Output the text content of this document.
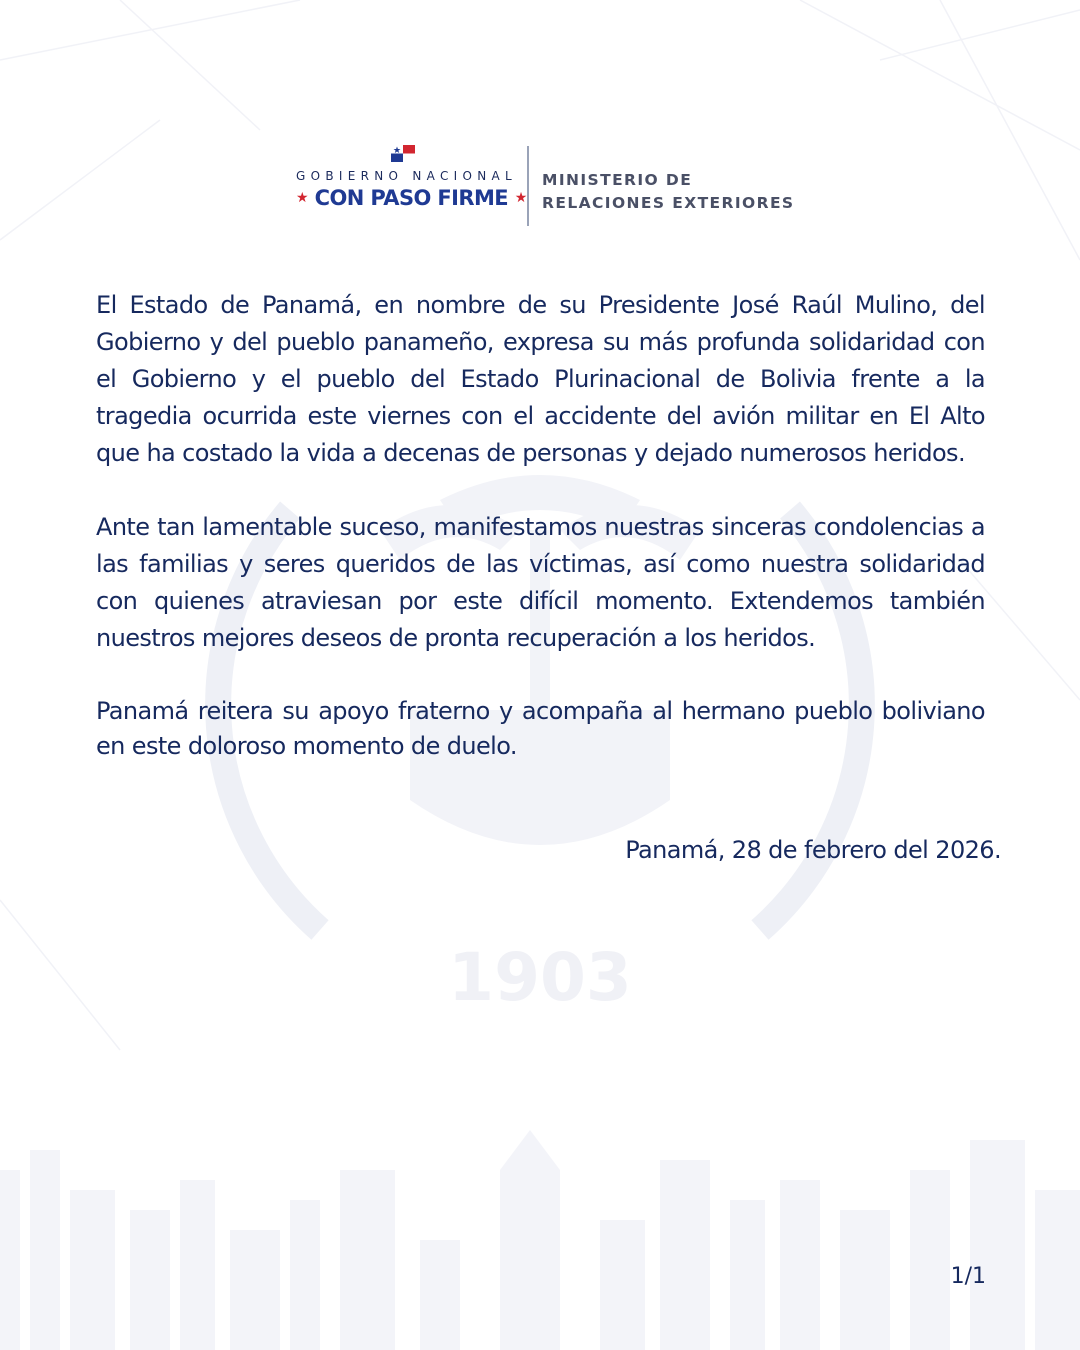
1903
GOBIERNO NACIONAL
★ CON PASO FIRME ★
MINISTERIO DE
RELACIONES EXTERIORES

El Estado de Panamá, en nombre de su Presidente José Raúl Mulino, del Gobierno y del pueblo panameño, expresa su más profunda solidaridad con el Gobierno y el pueblo del Estado Plurinacional de Bolivia frente a la tragedia ocurrida este viernes con el accidente del avión militar en El Alto que ha costado la vida a decenas de personas y dejado numerosos heridos.

Ante tan lamentable suceso, manifestamos nuestras sinceras condolencias a las familias y seres queridos de las víctimas, así como nuestra solidaridad con quienes atraviesan por este difícil momento. Extendemos también nuestros mejores deseos de pronta recuperación a los heridos.

Panamá reitera su apoyo fraterno y acompaña al hermano pueblo boliviano en este doloroso momento de duelo.

Panamá, 28 de febrero del 2026.
1/1
